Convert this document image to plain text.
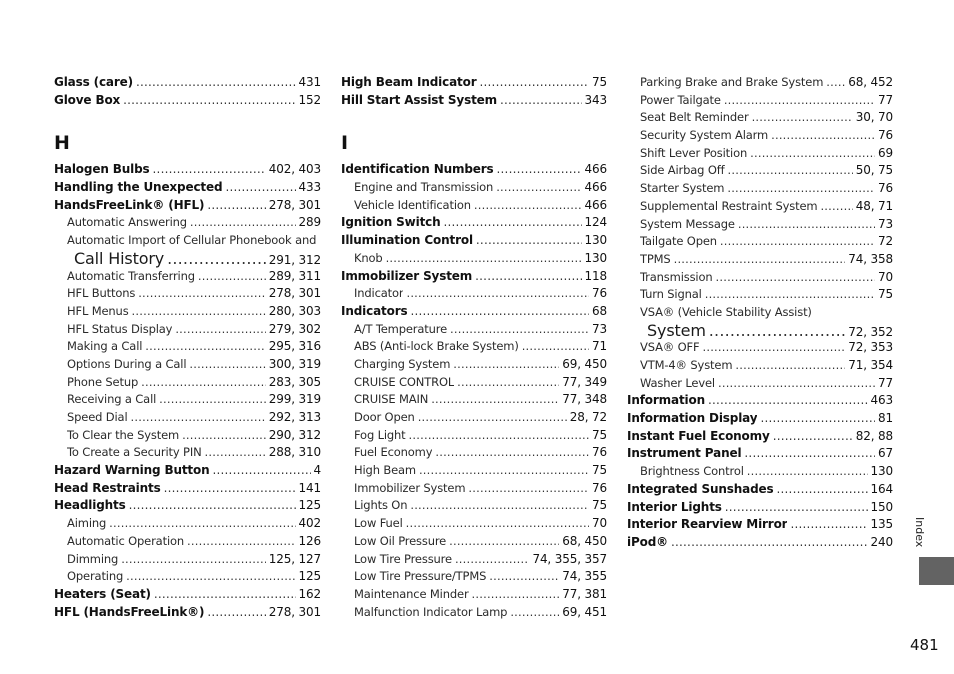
Glass (care) .....	431
Glove Box .....	152
H
Halogen Bulbs .....	402, 403
Handling the Unexpected .....	433
HandsFreeLink® (HFL) .....	278, 301
Automatic Answering .....	289
Automatic Import of Cellular Phonebook and
Call History .....	291, 312
Automatic Transferring .....	289, 311
HFL Buttons .....	278, 301
HFL Menus .....	280, 303
HFL Status Display .....	279, 302
Making a Call .....	295, 316
Options During a Call .....	300, 319
Phone Setup .....	283, 305
Receiving a Call .....	299, 319
Speed Dial .....	292, 313
To Clear the System .....	290, 312
To Create a Security PIN .....	288, 310
Hazard Warning Button .....	4
Head Restraints .....	141
Headlights .....	125
Aiming .....	402
Automatic Operation .....	126
Dimming .....	125, 127
Operating .....	125
Heaters (Seat) .....	162
HFL (HandsFreeLink®) .....	278, 301
High Beam Indicator .....	75
Hill Start Assist System .....	343
I
Identification Numbers .....	466
Engine and Transmission .....	466
Vehicle Identification .....	466
Ignition Switch .....	124
Illumination Control .....	130
Knob .....	130
Immobilizer System .....	118
Indicator .....	76
Indicators .....	68
A/T Temperature .....	73
ABS (Anti-lock Brake System) .....	71
Charging System .....	69, 450
CRUISE CONTROL .....	77, 349
CRUISE MAIN .....	77, 348
Door Open .....	28, 72
Fog Light .....	75
Fuel Economy .....	76
High Beam .....	75
Immobilizer System .....	76
Lights On .....	75
Low Fuel .....	70
Low Oil Pressure .....	68, 450
Low Tire Pressure .....	74, 355, 357
Low Tire Pressure/TPMS .....	74, 355
Maintenance Minder .....	77, 381
Malfunction Indicator Lamp .....	69, 451
Parking Brake and Brake System ..... 68, 452
Power Tailgate .....	77
Seat Belt Reminder .....	30, 70
Security System Alarm .....	76
Shift Lever Position .....	69
Side Airbag Off .....	50, 75
Starter System .....	76
Supplemental Restraint System .....	48, 71
System Message .....	73
Tailgate Open .....	72
TPMS .....	74, 358
Transmission .....	70
Turn Signal .....	75
VSA® (Vehicle Stability Assist)
System .....	72, 352
VSA® OFF .....	72, 353
VTM-4® System .....	71, 354
Washer Level .....	77
Information .....	463
Information Display .....	81
Instant Fuel Economy .....	82, 88
Instrument Panel .....	67
Brightness Control .....	130
Integrated Sunshades .....	164
Interior Lights .....	150
Interior Rearview Mirror .....	135
iPod® .....	240 Index
481
